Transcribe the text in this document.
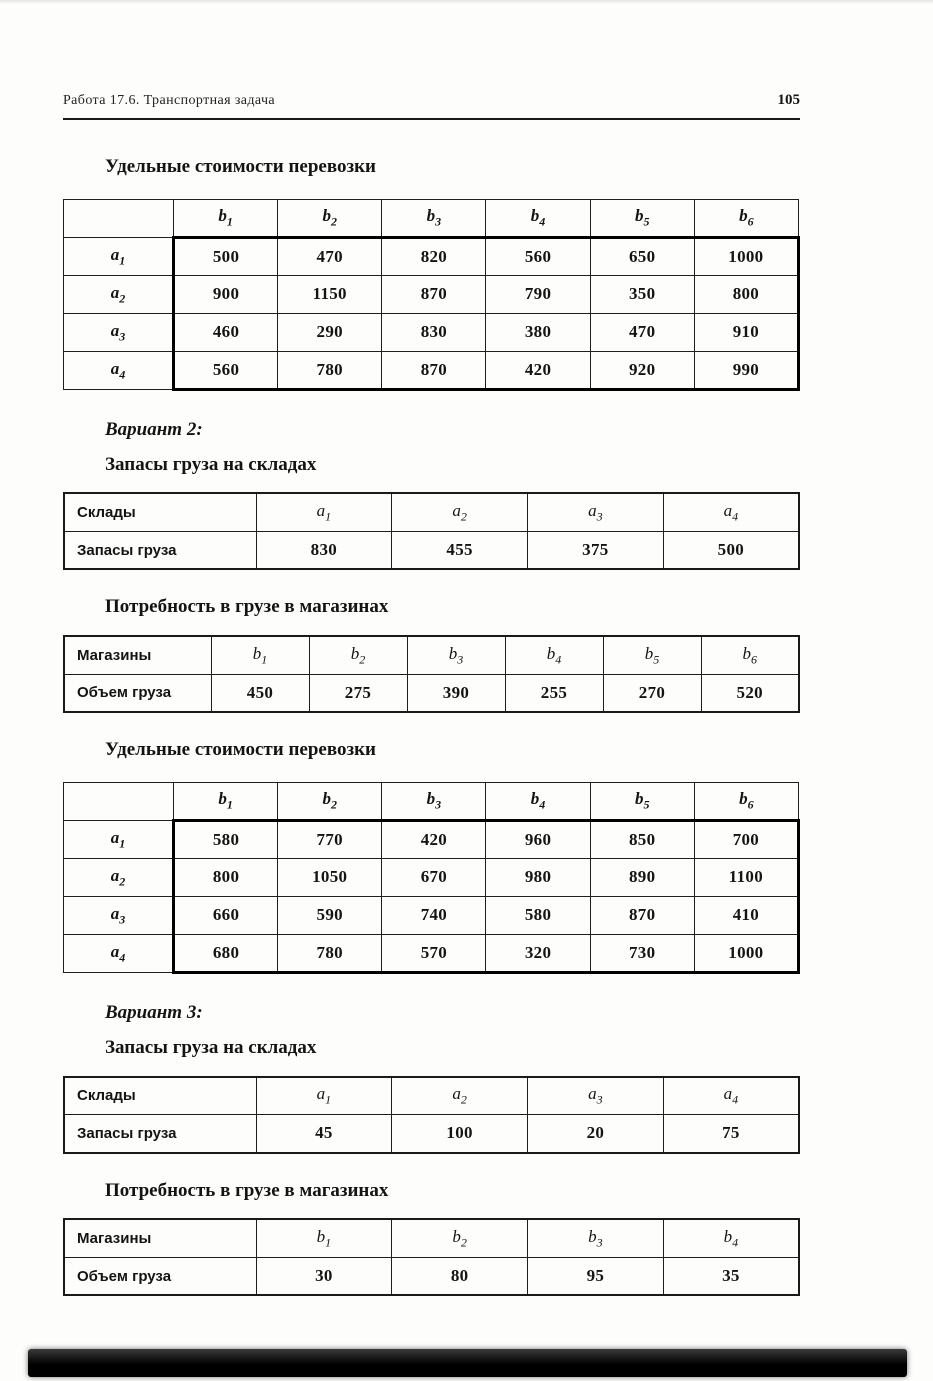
Работа 17.6. Транспортная задача	105
Удельные стоимости перевозки
	$b_1$	$b_2$	$b_3$	$b_4$	$b_5$	$b_6$
$a_1$	500	470	820	560	650	1000
$a_2$	900	1150	870	790	350	800
$a_3$	460	290	830	380	470	910
$a_4$	560	780	870	420	920	990
Вариант 2:
Запасы груза на складах
Склады	$a_1$	$a_2$	$a_3$	$a_4$
Запасы груза	830	455	375	500
Потребность в грузе в магазинах
Магазины	$b_1$	$b_2$	$b_3$	$b_4$	$b_5$	$b_6$
Объем груза	450	275	390	255	270	520
Удельные стоимости перевозки
	$b_1$	$b_2$	$b_3$	$b_4$	$b_5$	$b_6$
$a_1$	580	770	420	960	850	700
$a_2$	800	1050	670	980	890	1100
$a_3$	660	590	740	580	870	410
$a_4$	680	780	570	320	730	1000
Вариант 3:
Запасы груза на складах
Склады	$a_1$	$a_2$	$a_3$	$a_4$
Запасы груза	45	100	20	75
Потребность в грузе в магазинах
Магазины	$b_1$	$b_2$	$b_3$	$b_4$
Объем груза	30	80	95	35
